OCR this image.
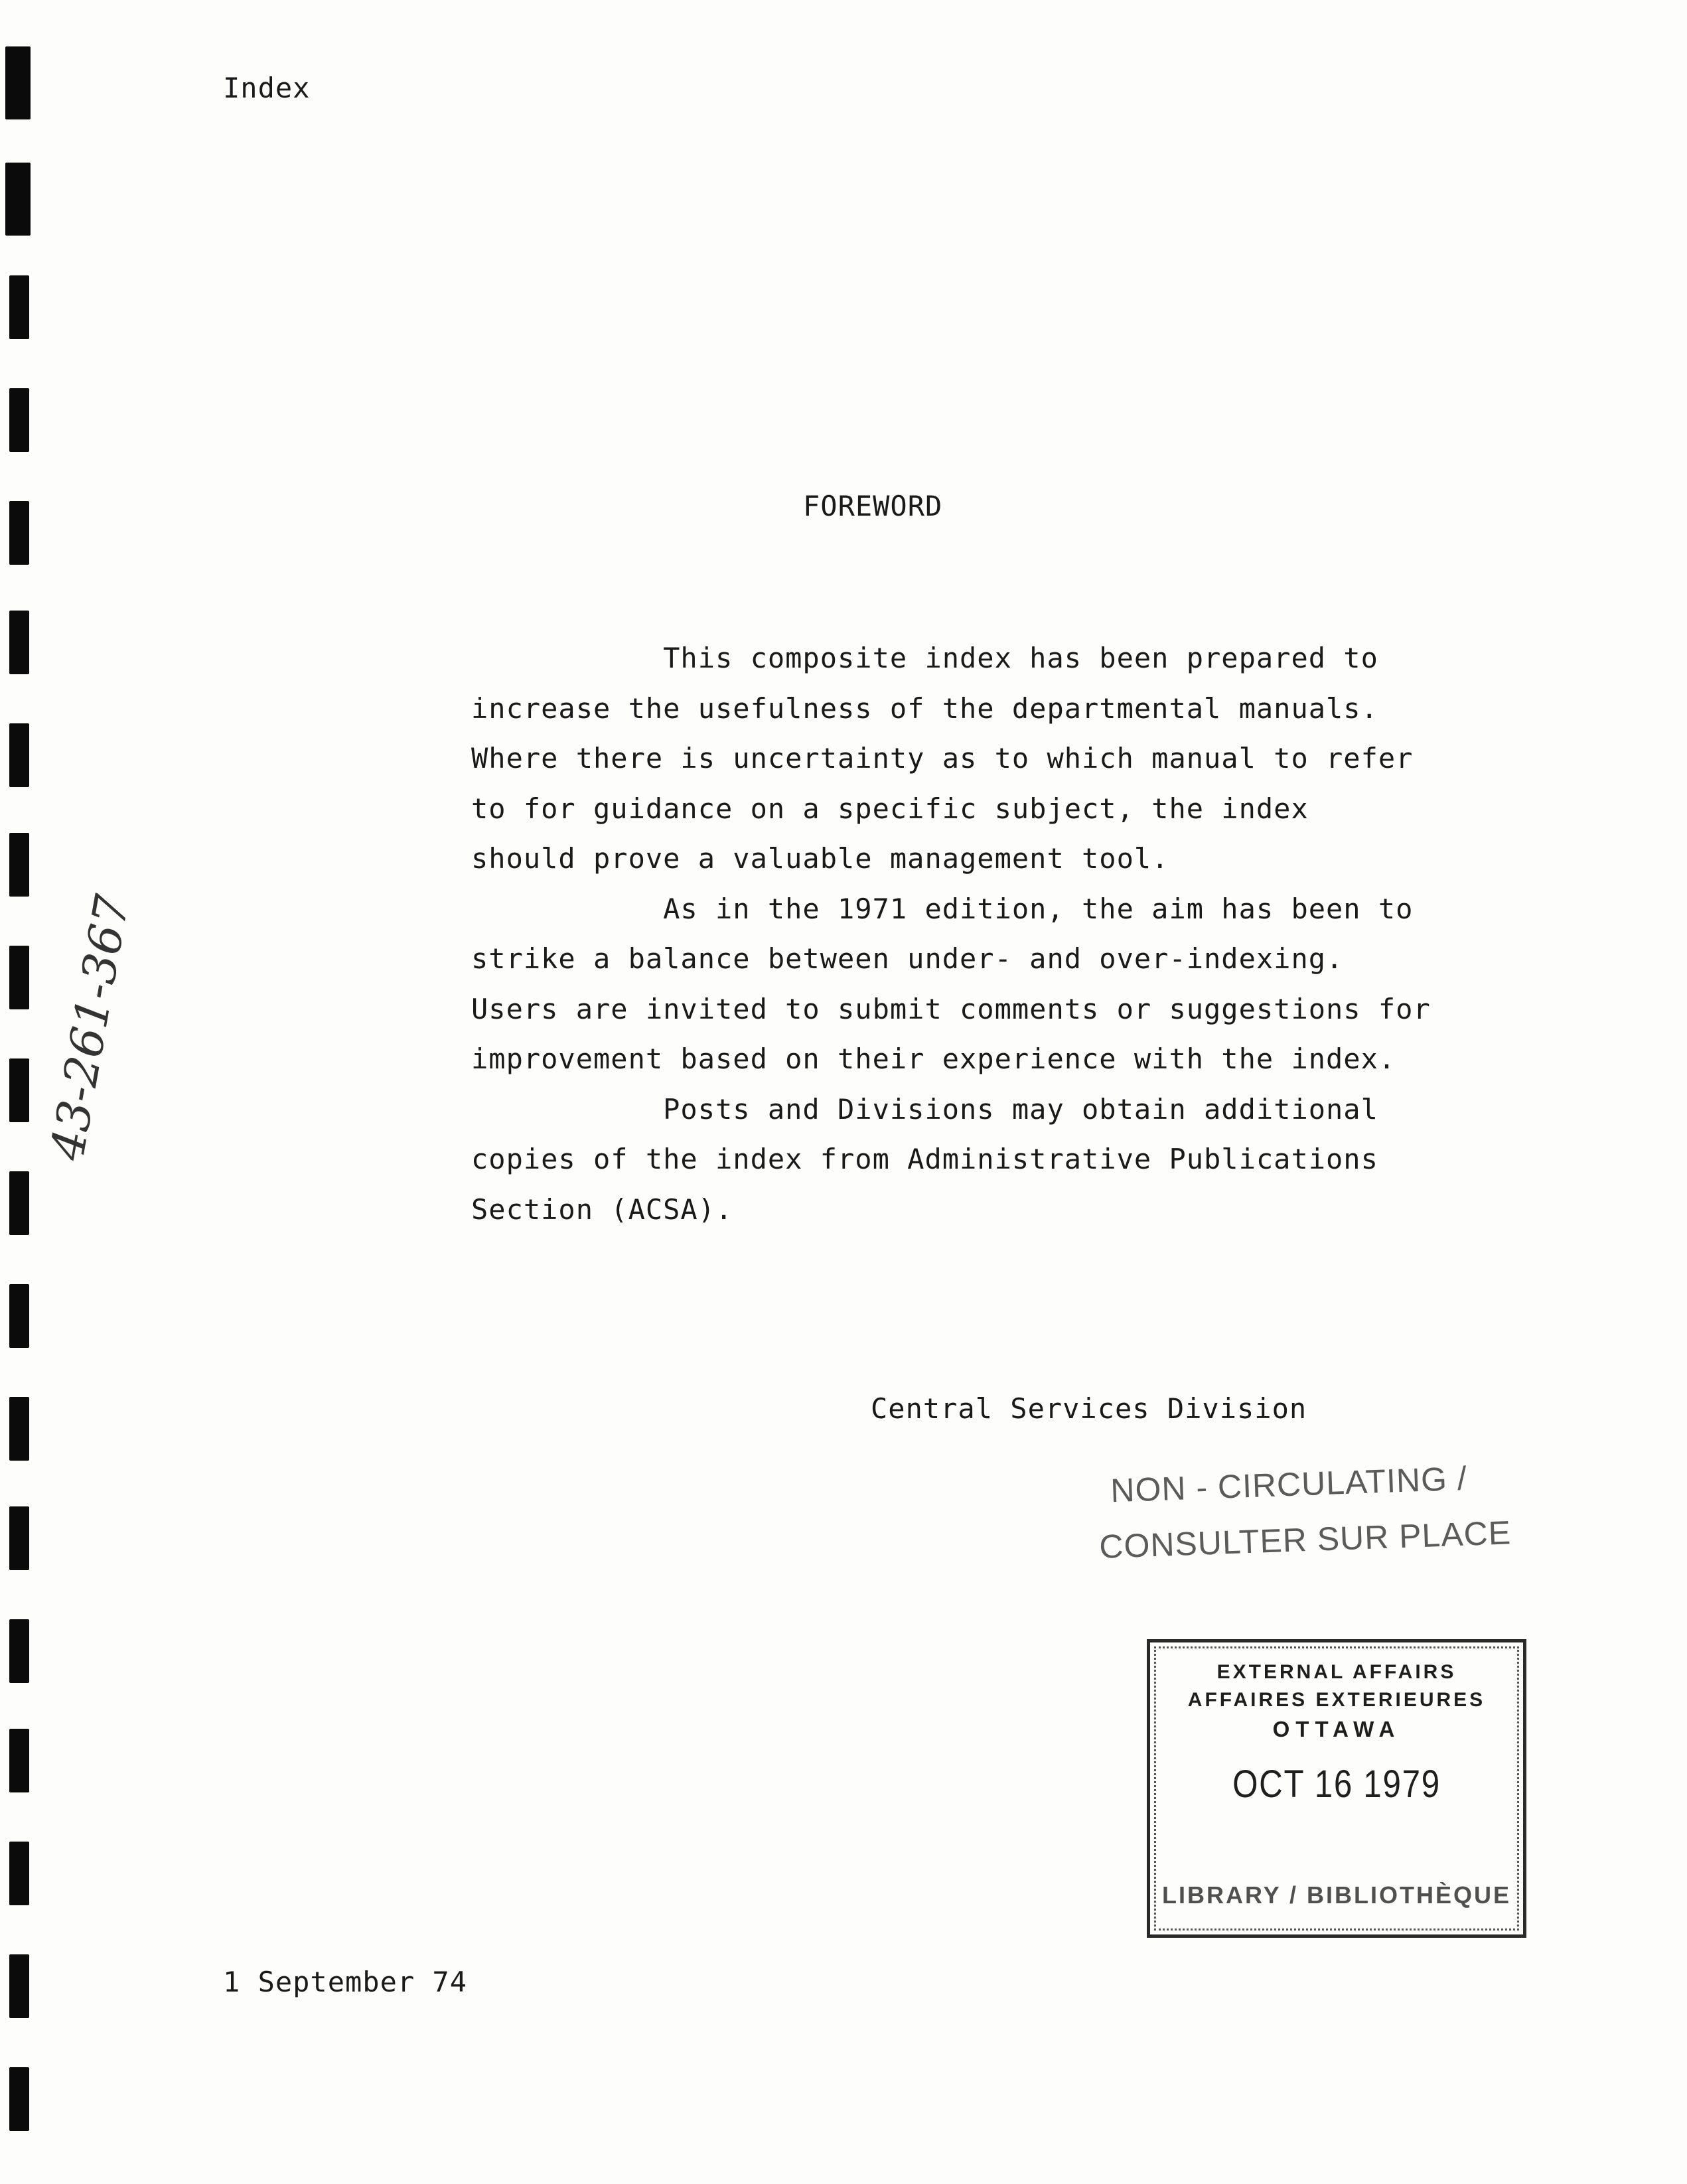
Index
FOREWORD

This composite index has been prepared to

increase the usefulness of the departmental manuals.

Where there is uncertainty as to which manual to refer

to for guidance on a specific subject, the index

should prove a valuable management tool.

As in the 1971 edition, the aim has been to

strike a balance between under- and over-indexing.

Users are invited to submit comments or suggestions for

improvement based on their experience with the index.

Posts and Divisions may obtain additional

copies of the index from Administrative Publications

Section (ACSA).

Central Services Division
NON - CIRCULATING /
CONSULTER SUR PLACE
EXTERNAL AFFAIRS
AFFAIRES EXTERIEURES
OTTAWA
OCT 16 1979
LIBRARY / BIBLIOTHÈQUE
43-261-367
1 September 74
